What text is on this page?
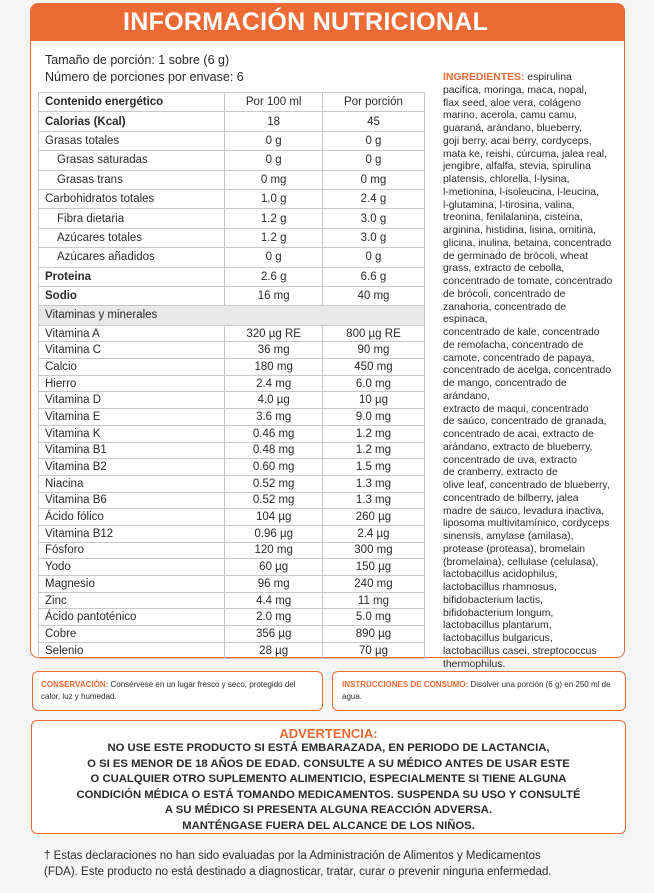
INFORMACIÓN NUTRICIONAL
Tamaño de porción: 1 sobre (6 g)
Número de porciones por envase: 6
Contenido energético	Por 100 ml	Por porción
Calorias (Kcal)	18	45
Grasas totales	0 g	0 g
Grasas saturadas	0 g	0 g
Grasas trans	0 mg	0 mg
Carbohidratos totales	1.0 g	2.4 g
Fibra dietaria	1.2 g	3.0 g
Azúcares totales	1.2 g	3.0 g
Azúcares añadidos	0 g	0 g
Proteina	2.6 g	6.6 g
Sodio	16 mg	40 mg
Vitaminas y minerales		
Vitamina A	320 µg RE	800 µg RE
Vitamina C	36 mg	90 mg
Calcio	180 mg	450 mg
Hierro	2.4 mg	6.0 mg
Vitamina D	4.0 µg	10 µg
Vitamina E	3.6 mg	9.0 mg
Vitamina K	0.46 mg	1.2 mg
Vitamina B1	0.48 mg	1.2 mg
Vitamina B2	0.60 mg	1.5 mg
Niacina	0.52 mg	1.3 mg
Vitamina B6	0.52 mg	1.3 mg
Ácido fólico	104 µg	260 µg
Vitamina B12	0.96 µg	2.4 µg
Fósforo	120 mg	300 mg
Yodo	60 µg	150 µg
Magnesio	96 mg	240 mg
Zinc	4.4 mg	11 mg
Ácido pantoténico	2.0 mg	5.0 mg
Cobre	356 µg	890 µg
Selenio	28 µg	70 µg
INGREDIENTES: espirulina
pacifica, moringa, maca, nopal,
flax seed, aloe vera, colágeno
marino, acerola, camu camu,
guaraná, arándano, blueberry,
goji berry, acai berry, cordyceps,
mata ke, reishi, cúrcuma, jalea real,
jengibre, alfalfa, stevia, spirulina
platensis, chlorella, l-lysina,
l-metionina, l-isoleucina, l-leucina,
l-glutamina, l-tirosina, valina,
treonina, fenilalanina, cisteina,
arginina, histidina, lisina, ornitina,
glicina, inulina, betaina, concentrado
de germinado de brócoli, wheat
grass, extracto de cebolla,
concentrado de tomate, concentrado
de brócoli, concentrado de
zanahoria, concentrado de espinaca,
concentrado de kale, concentrado
de remolacha, concentrado de
camote, concentrado de papaya,
concentrado de acelga, concentrado
de mango, concentrado de arándano,
extracto de maqui, concentrado
de saúco, concentrado de granada,
concentrado de acai, extracto de
arándano, extracto de blueberry,
concentrado de uva, extracto
de cranberry, extracto de
olive leaf, concentrado de blueberry,
concentrado de bilberry, jalea
madre de sauco, levadura inactiva,
liposoma multivitamínico, cordyceps
sinensis, amylase (amilasa),
protease (proteasa), bromelain
(bromelaina), cellulase (celulasa),
lactobacillus acidophilus,
lactobacillus rhamnosus,
bifidobacterium lactis,
bifidobacterium longum,
lactobacillus plantarum,
lactobacillus bulgaricus,
lactobacillus casei, streptococcus
thermophilus.
CONSERVACIÓN: Consérvese en un lugar fresco y seco, protegido del calor, luz y humedad.
INSTRUCCIONES DE CONSUMO: Disolver una porción (6 g) en 250 ml de agua.
ADVERTENCIA:
NO USE ESTE PRODUCTO SI ESTÁ EMBARAZADA, EN PERIODO DE LACTANCIA,
O SI ES MENOR DE 18 AÑOS DE EDAD. CONSULTE A SU MÉDICO ANTES DE USAR ESTE
O CUALQUIER OTRO SUPLEMENTO ALIMENTICIO, ESPECIALMENTE SI TIENE ALGUNA
CONDICIÓN MÉDICA O ESTÁ TOMANDO MEDICAMENTOS. SUSPENDA SU USO Y CONSULTÉ
A SU MÉDICO SI PRESENTA ALGUNA REACCIÓN ADVERSA.
MANTÉNGASE FUERA DEL ALCANCE DE LOS NIÑOS.
† Estas declaraciones no han sido evaluadas por la Administración de Alimentos y Medicamentos
(FDA). Este producto no está destinado a diagnosticar, tratar, curar o prevenir ninguna enfermedad.
